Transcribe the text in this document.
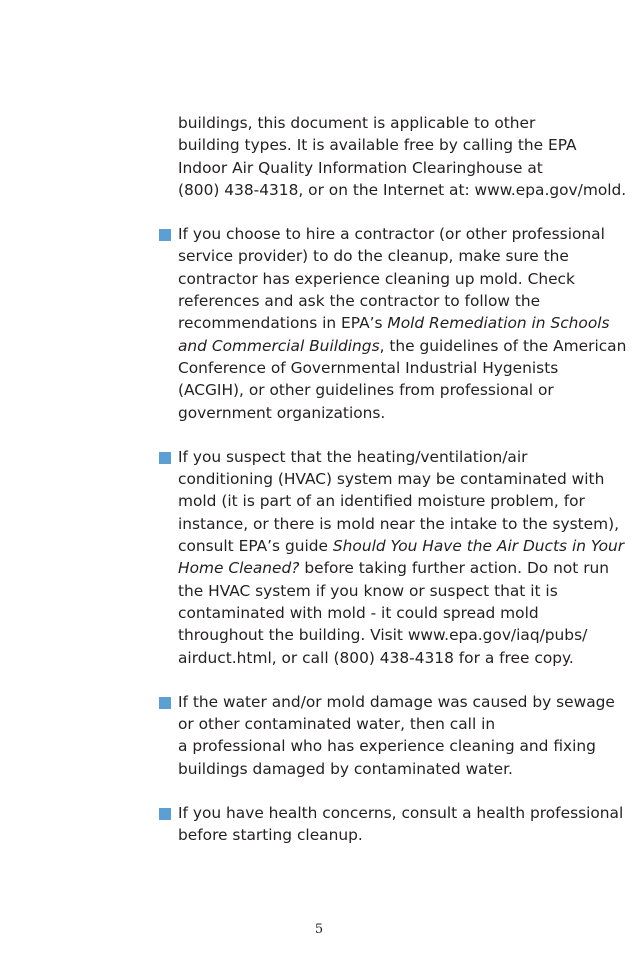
buildings, this document is applicable to other
building types. It is available free by calling the EPA
Indoor Air Quality Information Clearinghouse at
(800) 438-4318, or on the Internet at: www.epa.gov/mold.

If you choose to hire a contractor (or other professional
service provider) to do the cleanup, make sure the
contractor has experience cleaning up mold. Check
references and ask the contractor to follow the
recommendations in EPA’s Mold Remediation in Schools
and Commercial Buildings, the guidelines of the American
Conference of Governmental Industrial Hygenists
(ACGIH), or other guidelines from professional or
government organizations.

If you suspect that the heating/ventilation/air
conditioning (HVAC) system may be contaminated with
mold (it is part of an identified moisture problem, for
instance, or there is mold near the intake to the system),
consult EPA’s guide Should You Have the Air Ducts in Your
Home Cleaned? before taking further action. Do not run
the HVAC system if you know or suspect that it is
contaminated with mold - it could spread mold
throughout the building. Visit www.epa.gov/iaq/pubs/
airduct.html, or call (800) 438-4318 for a free copy.

If the water and/or mold damage was caused by sewage
or other contaminated water, then call in
a professional who has experience cleaning and fixing
buildings damaged by contaminated water.

If you have health concerns, consult a health professional
before starting cleanup.

5
